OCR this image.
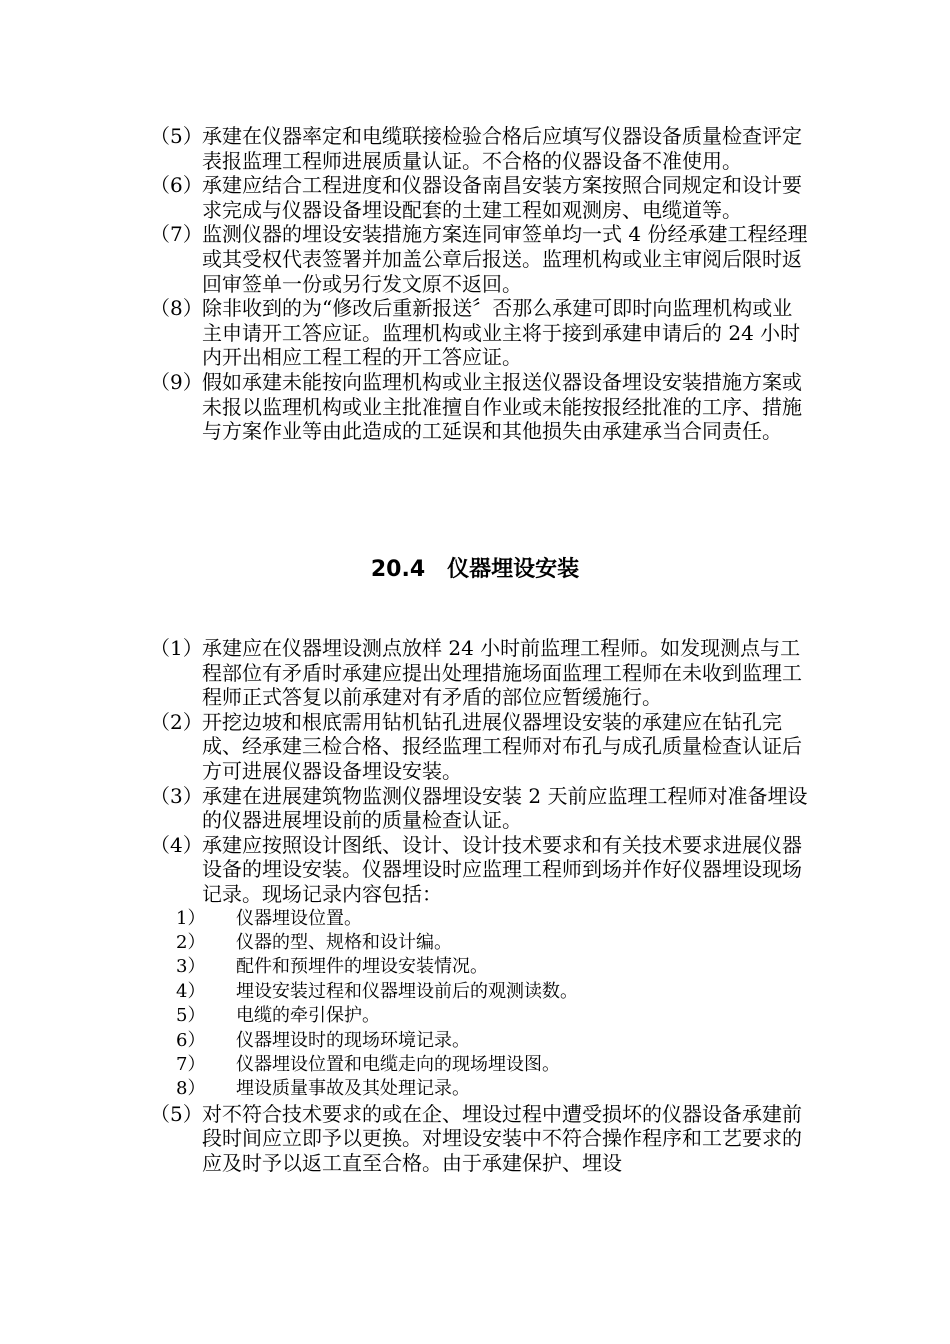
（5） 承建在仪器率定和电缆联接检验合格后应填写仪器设备质量检查评定表报监理工程师进展质量认证。不合格的仪器设备不准使用。
（6） 承建应结合工程进度和仪器设备南昌安装方案按照合同规定和设计要求完成与仪器设备埋设配套的土建工程如观测房、电缆道等。
（7） 监测仪器的埋设安装措施方案连同审签单均一式 4 份经承建工程经理或其受权代表签署并加盖公章后报送。监理机构或业主审阅后限时返回审签单一份或另行发文原不返回。
（8） 除非收到的为“修改后重新报送〞否那么承建可即时向监理机构或业主申请开工答应证。监理机构或业主将于接到承建申请后的 24 小时内开出相应工程工程的开工答应证。
（9） 假如承建未能按向监理机构或业主报送仪器设备埋设安装措施方案或未报以监理机构或业主批准擅自作业或未能按报经批准的工序、措施与方案作业等由此造成的工延误和其他损失由承建承当合同责任。
20.4　仪器埋设安装
（1） 承建应在仪器埋设测点放样 24 小时前监理工程师。如发现测点与工程部位有矛盾时承建应提出处理措施场面监理工程师在未收到监理工程师正式答复以前承建对有矛盾的部位应暂缓施行。
（2） 开挖边坡和根底需用钻机钻孔进展仪器埋设安装的承建应在钻孔完成、经承建三检合格、报经监理工程师对布孔与成孔质量检查认证后方可进展仪器设备埋设安装。
（3） 承建在进展建筑物监测仪器埋设安装 2 天前应监理工程师对准备埋设的仪器进展埋设前的质量检查认证。
（4） 承建应按照设计图纸、设计、设计技术要求和有关技术要求进展仪器设备的埋设安装。仪器埋设时应监理工程师到场并作好仪器埋设现场记录。现场记录内容包括：
1） 仪器埋设位置。
2） 仪器的型、规格和设计编。
3） 配件和预埋件的埋设安装情况。
4） 埋设安装过程和仪器埋设前后的观测读数。
5） 电缆的牵引保护。
6） 仪器埋设时的现场环境记录。
7） 仪器埋设位置和电缆走向的现场埋设图。
8） 埋设质量事故及其处理记录。
（5） 对不符合技术要求的或在企、埋设过程中遭受损坏的仪器设备承建前段时间应立即予以更换。对埋设安装中不符合操作程序和工艺要求的应及时予以返工直至合格。由于承建保护、埋设
